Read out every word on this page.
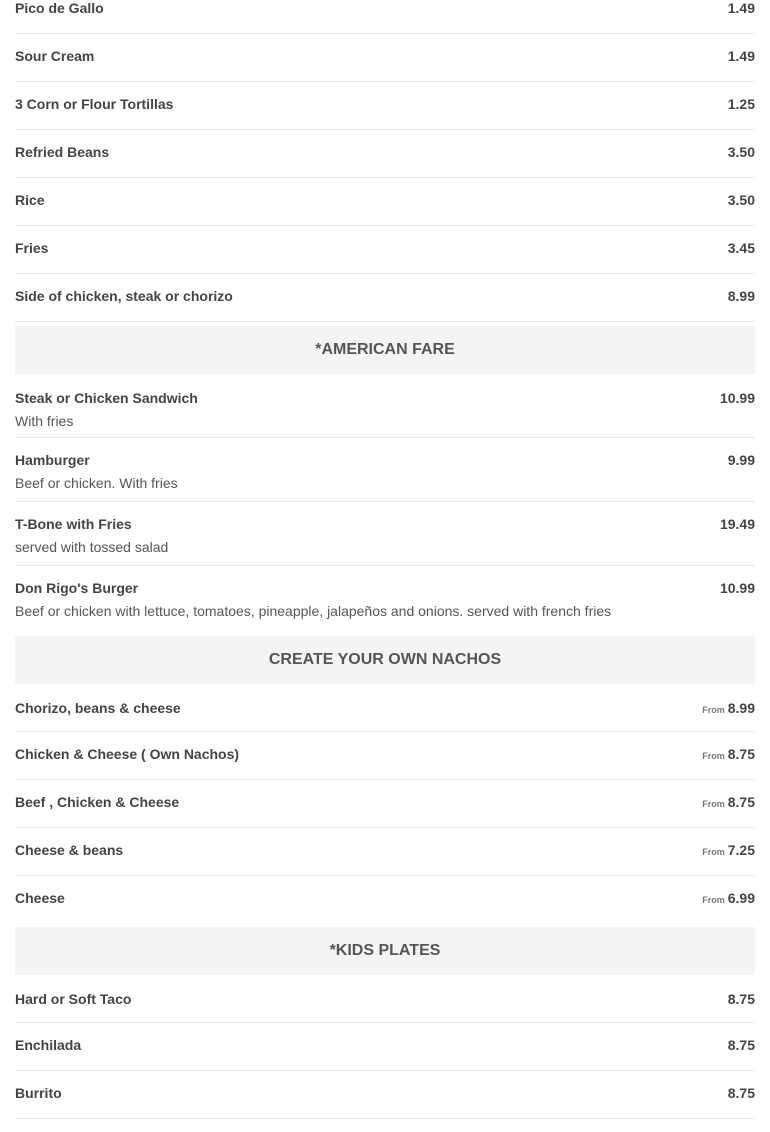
Pico de Gallo	1.49
Sour Cream	1.49
3 Corn or Flour Tortillas	1.25
Refried Beans	3.50
Rice	3.50
Fries	3.45
Side of chicken, steak or chorizo	8.99
*AMERICAN FARE
Steak or Chicken Sandwich	10.99
With fries
Hamburger	9.99
Beef or chicken. With fries
T-Bone with Fries	19.49
served with tossed salad
Don Rigo's Burger	10.99
Beef or chicken with lettuce, tomatoes, pineapple, jalapeños and onions. served with french fries
CREATE YOUR OWN NACHOS
Chorizo, beans & cheese	From 8.99
Chicken & Cheese ( Own Nachos)	From 8.75
Beef , Chicken & Cheese	From 8.75
Cheese & beans	From 7.25
Cheese	From 6.99
*KIDS PLATES
Hard or Soft Taco	8.75
Enchilada	8.75
Burrito	8.75
